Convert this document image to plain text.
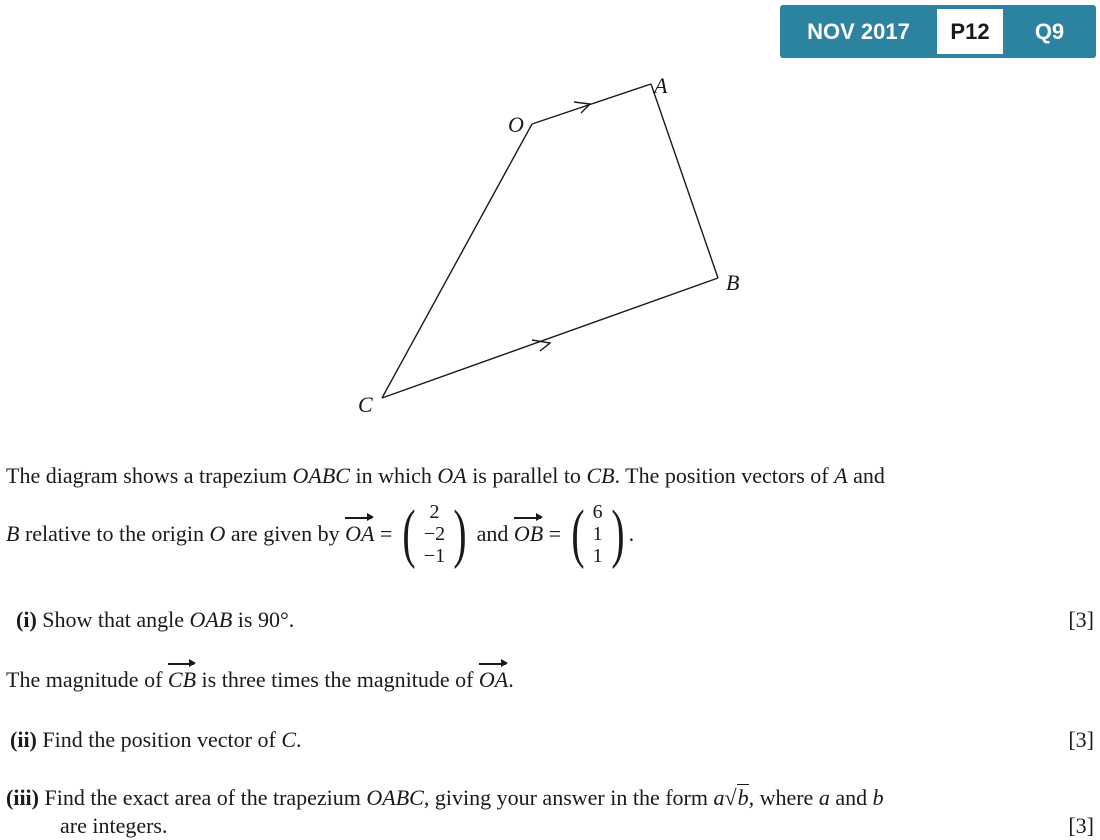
NOV 2017	P12	Q9
O
A
B
C
The diagram shows a trapezium OABC in which OA is parallel to CB. The position vectors of A and
B relative to the origin O are given by OA = ( 2
−2
−1 ) and OB = ( 6
1
1 ) .
(i) Show that angle OAB is 90°.	[3]
The magnitude of CB is three times the magnitude of OA.
(ii) Find the position vector of C.	[3]
(iii) Find the exact area of the trapezium OABC, giving your answer in the form a√b, where a and b
are integers.	[3]
